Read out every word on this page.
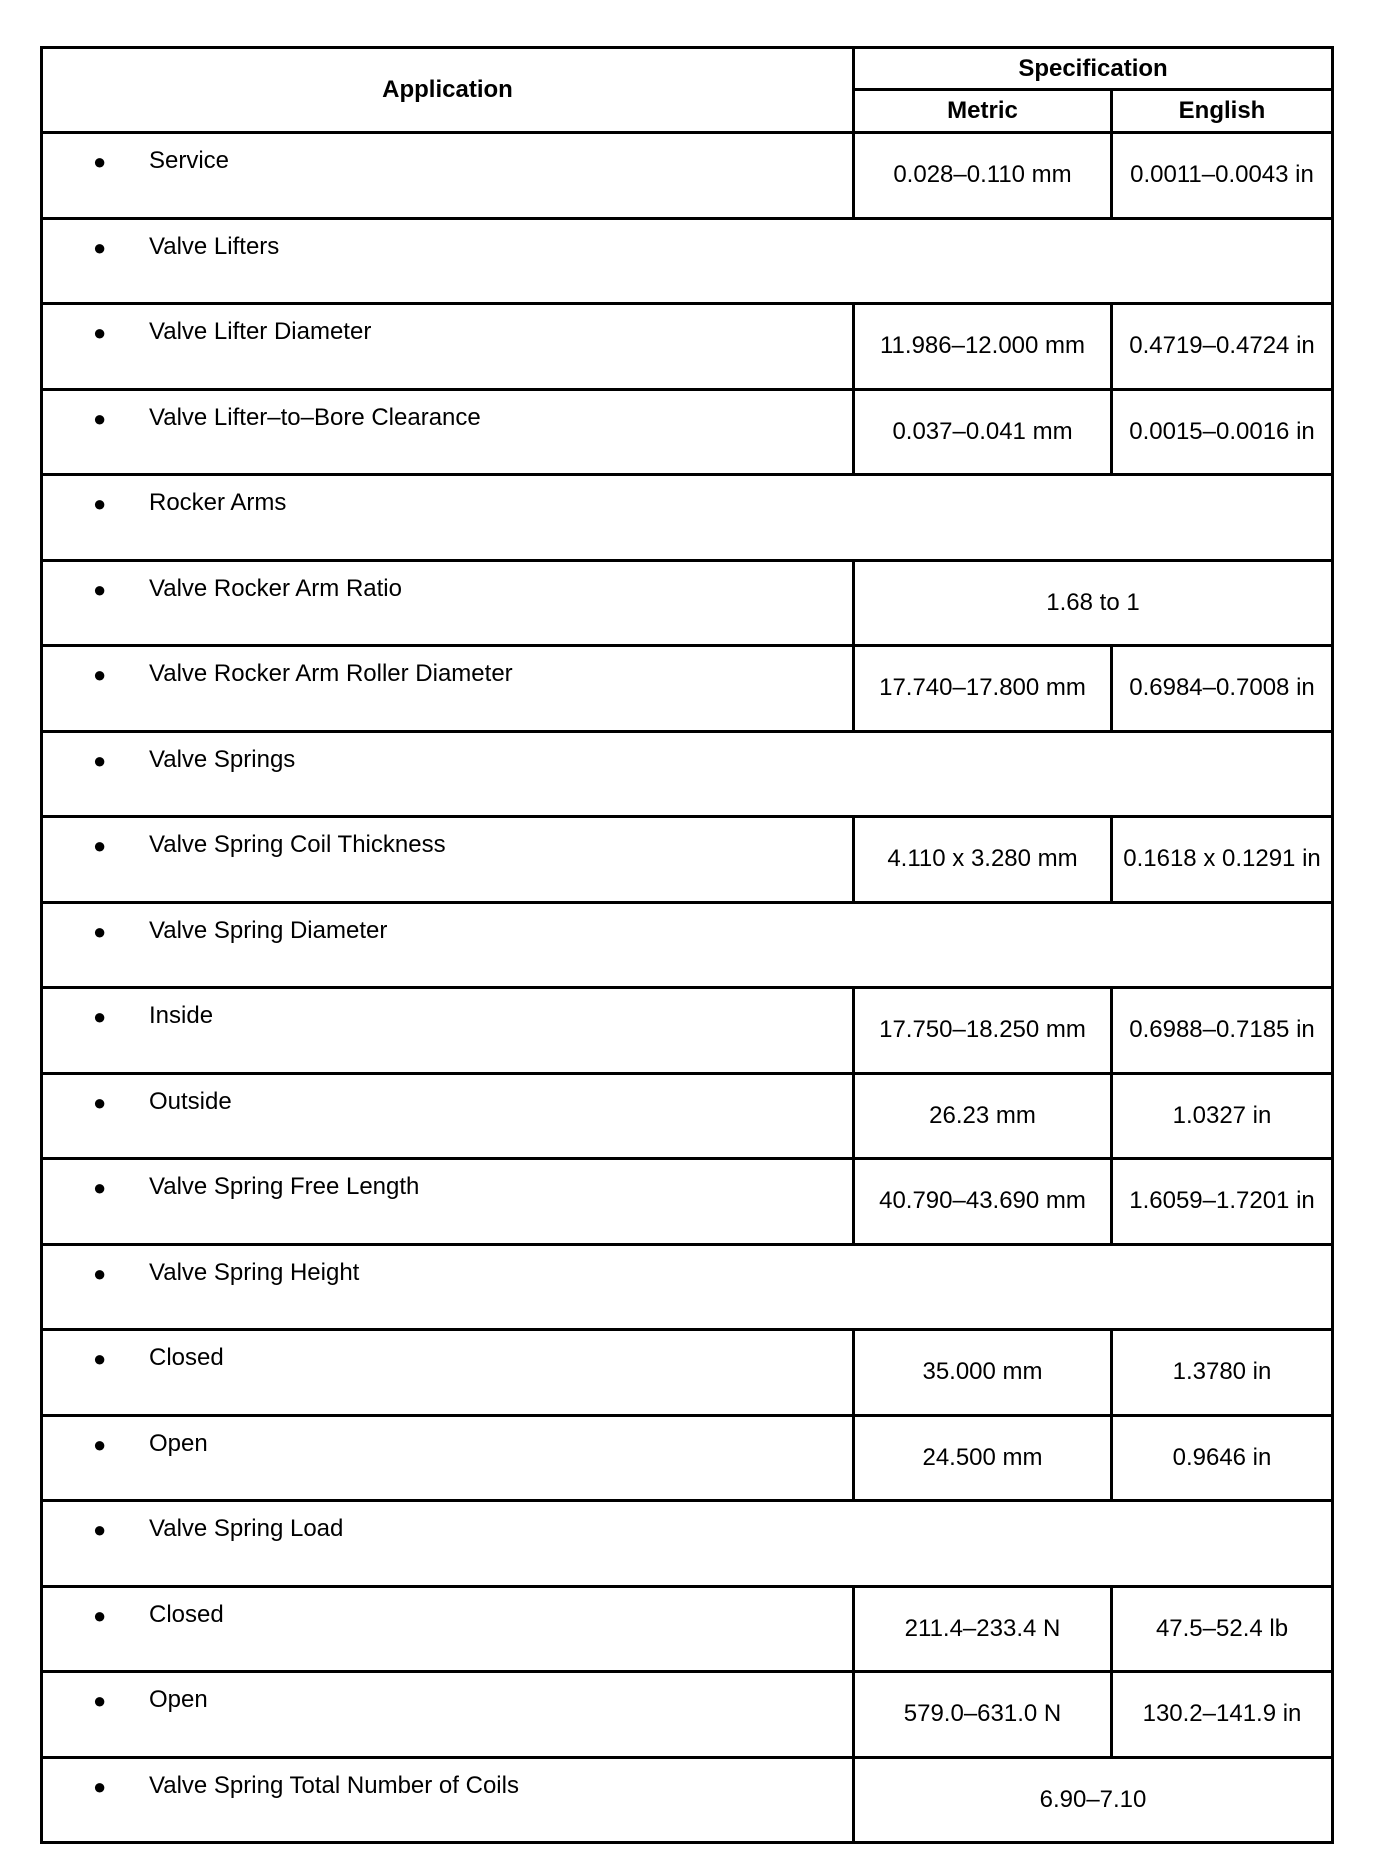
Application	Specification	
	Metric	English

● Service	0.028–0.110 mm	0.0011–0.0043 in

● Valve Lifters		

● Valve Lifter Diameter	11.986–12.000 mm	0.4719–0.4724 in

● Valve Lifter–to–Bore Clearance	0.037–0.041 mm	0.0015–0.0016 in

● Rocker Arms		

● Valve Rocker Arm Ratio	1.68 to 1	

● Valve Rocker Arm Roller Diameter	17.740–17.800 mm	0.6984–0.7008 in

● Valve Springs		

● Valve Spring Coil Thickness	4.110 x 3.280 mm	0.1618 x 0.1291 in

● Valve Spring Diameter		

● Inside	17.750–18.250 mm	0.6988–0.7185 in

● Outside	26.23 mm	1.0327 in

● Valve Spring Free Length	40.790–43.690 mm	1.6059–1.7201 in

● Valve Spring Height		

● Closed	35.000 mm	1.3780 in

● Open	24.500 mm	0.9646 in

● Valve Spring Load		

● Closed	211.4–233.4 N	47.5–52.4 lb

● Open	579.0–631.0 N	130.2–141.9 in

● Valve Spring Total Number of Coils	6.90–7.10	
